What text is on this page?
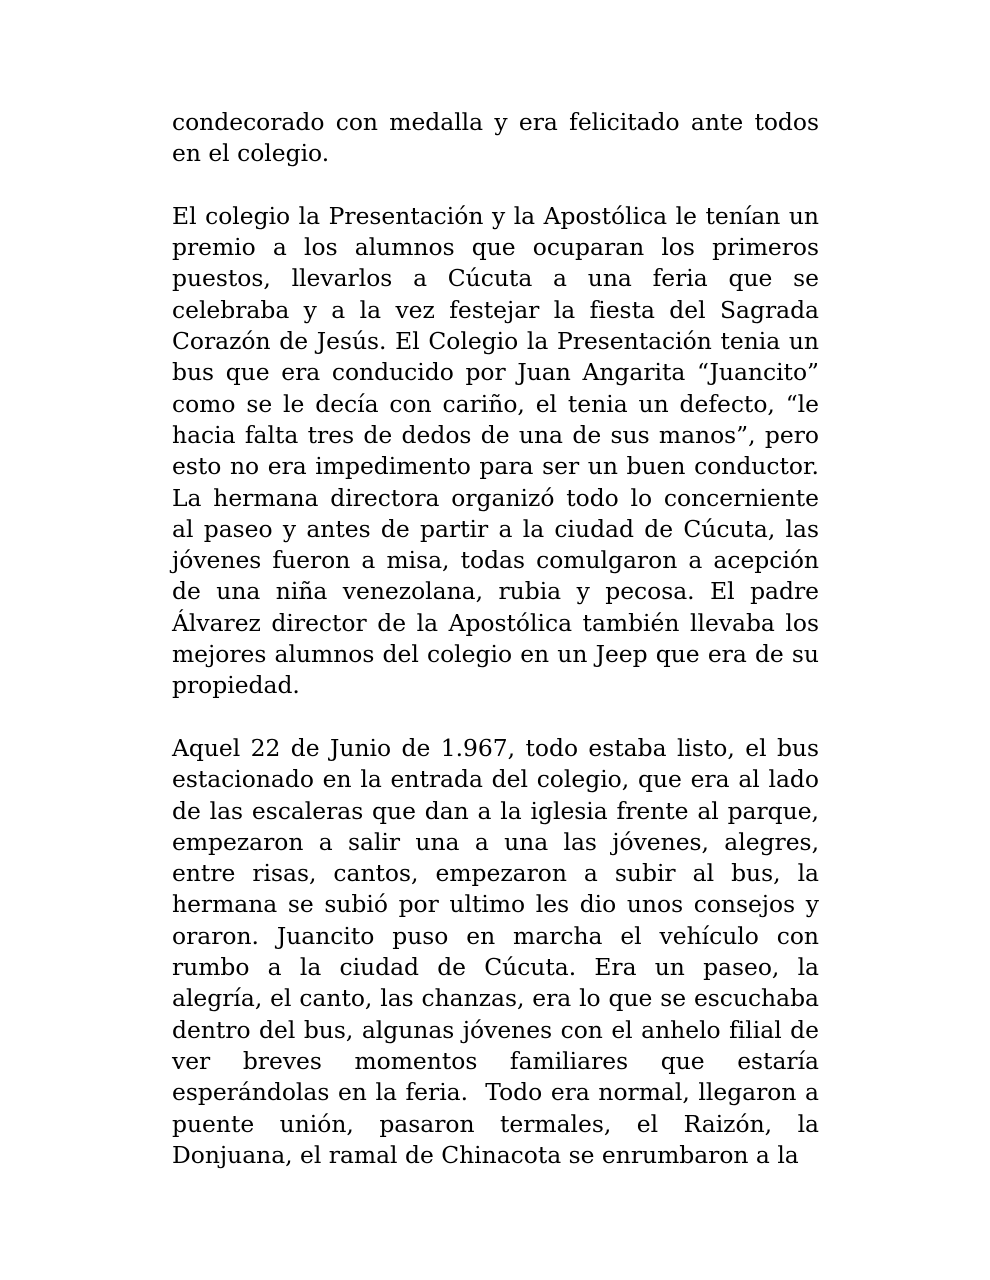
condecorado con medalla y era felicitado ante todos en el colegio.

El colegio la Presentación y la Apostólica le tenían un premio a los alumnos que ocuparan los primeros puestos, llevarlos a Cúcuta a una feria que se celebraba y a la vez festejar la fiesta del Sagrada Corazón de Jesús. El Colegio la Presentación tenia un bus que era conducido por Juan Angarita “Juancito” como se le decía con cariño, el tenia un defecto, “le hacia falta tres de dedos de una de sus manos”, pero esto no era impedimento para ser un buen conductor. La hermana directora organizó todo lo concerniente al paseo y antes de partir a la ciudad de Cúcuta, las jóvenes fueron a misa, todas comulgaron a acepción de una niña venezolana, rubia y pecosa. El padre Álvarez director de la Apostólica también llevaba los mejores alumnos del colegio en un Jeep que era de su propiedad.

Aquel 22 de Junio de 1.967, todo estaba listo, el bus estacionado en la entrada del colegio, que era al lado de las escaleras que dan a la iglesia frente al parque, empezaron a salir una a una las jóvenes, alegres, entre risas, cantos, empezaron a subir al bus, la hermana se subió por ultimo les dio unos consejos y oraron. Juancito puso en marcha el vehículo con rumbo a la ciudad de Cúcuta. Era un paseo, la alegría, el canto, las chanzas, era lo que se escuchaba dentro del bus, algunas jóvenes con el anhelo filial de ver breves momentos familiares que estaría esperándolas en la feria.  Todo era normal, llegaron a puente unión, pasaron termales, el Raizón, la Donjuana, el ramal de Chinacota se enrumbaron a la
